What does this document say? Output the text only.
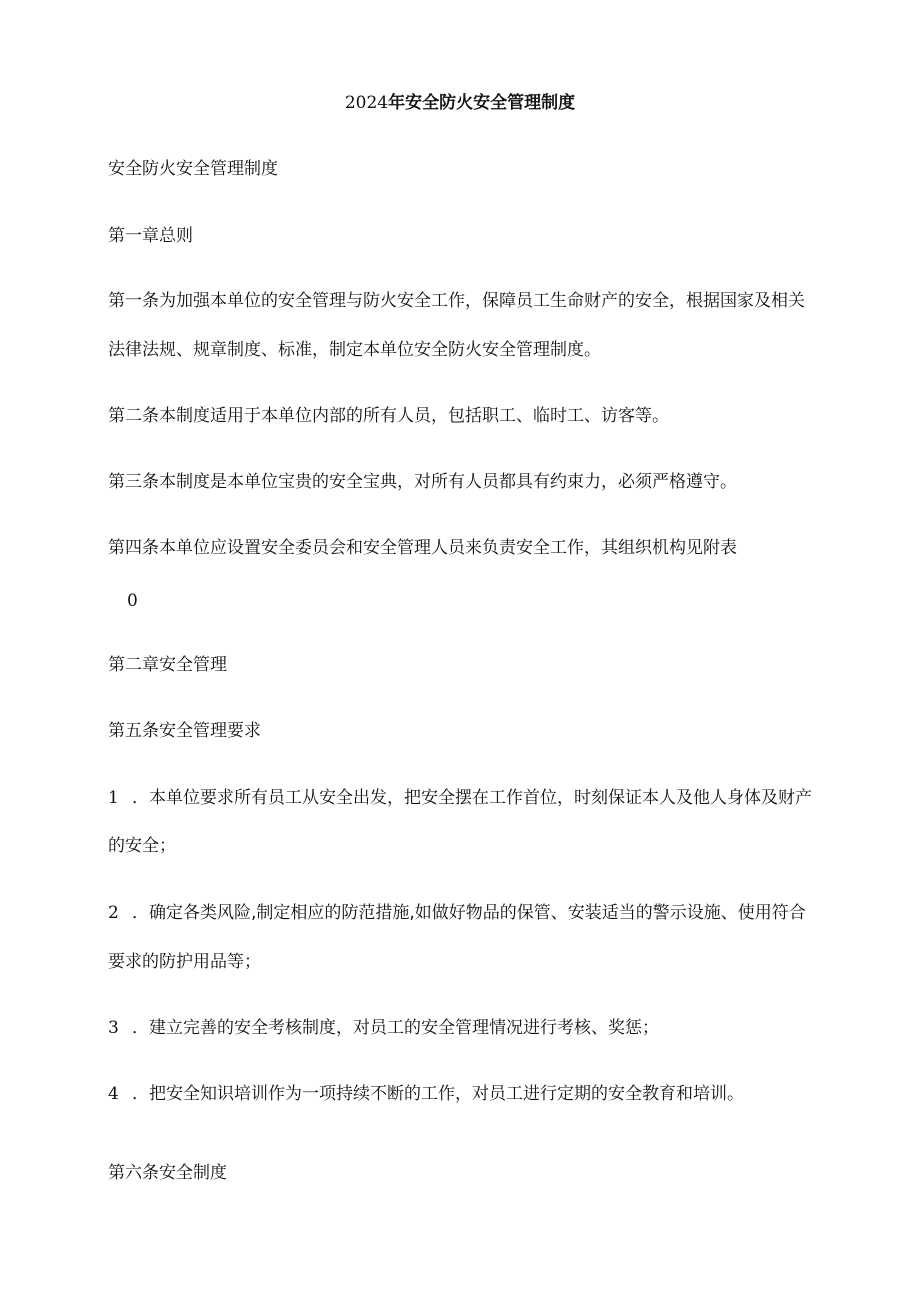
2024年安全防火安全管理制度
安全防火安全管理制度
第一章总则
第一条为加强本单位的安全管理与防火安全工作，保障员工生命财产的安全，根据国家及相关
法律法规、规章制度、标准，制定本单位安全防火安全管理制度。
第二条本制度适用于本单位内部的所有人员，包括职工、临时工、访客等。
第三条本制度是本单位宝贵的安全宝典，对所有人员都具有约束力，必须严格遵守。
第四条本单位应设置安全委员会和安全管理人员来负责安全工作，其组织机构见附表
0
第二章安全管理
第五条安全管理要求
1 ．本单位要求所有员工从安全出发，把安全摆在工作首位，时刻保证本人及他人身体及财产
的安全；
2 ．确定各类风险,制定相应的防范措施,如做好物品的保管、安装适当的警示设施、使用符合
要求的防护用品等；
3 ．建立完善的安全考核制度，对员工的安全管理情况进行考核、奖惩；
4 ．把安全知识培训作为一项持续不断的工作，对员工进行定期的安全教育和培训。
第六条安全制度
